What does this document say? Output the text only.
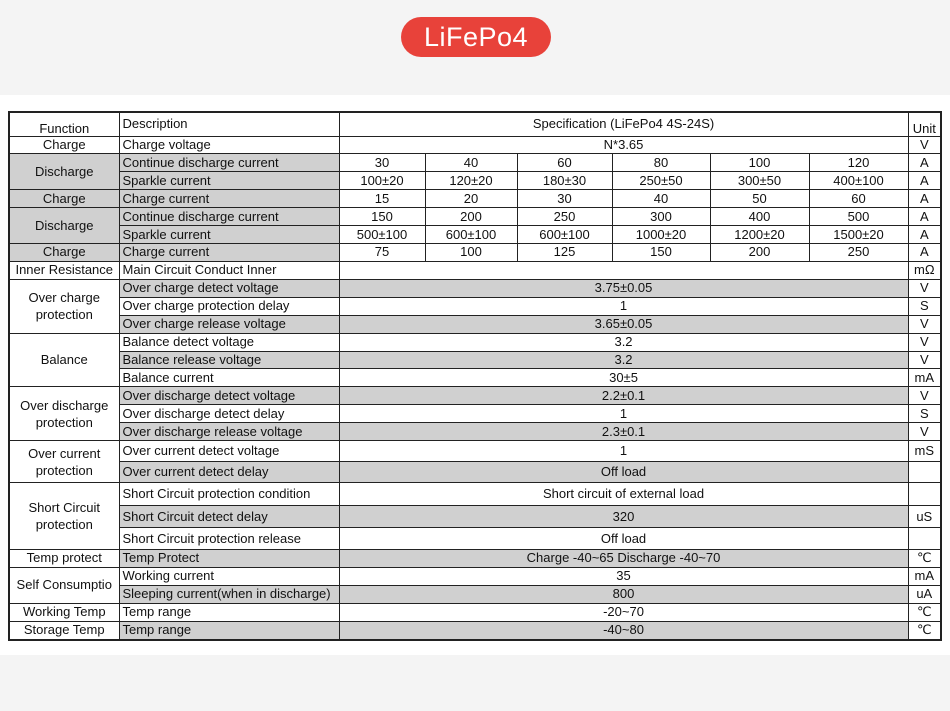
LiFePo4
Function	Description	Specification (LiFePo4 4S-24S)						Unit
Charge	Charge voltage	N*3.65						V
Discharge	Continue discharge current	30	40	60	80	100	120	A
	Sparkle current	100±20	120±20	180±30	250±50	300±50	400±100	A
Charge	Charge current	15	20	30	40	50	60	A
Discharge	Continue discharge current	150	200	250	300	400	500	A
	Sparkle current	500±100	600±100	600±100	1000±20	1200±20	1500±20	A
Charge	Charge current	75	100	125	150	200	250	A
Inner Resistance	Main Circuit Conduct Inner							mΩ
Over charge protection	Over charge detect voltage	3.75±0.05						V
	Over charge protection delay	1						S
	Over charge release voltage	3.65±0.05						V
Balance	Balance detect voltage	3.2						V
	Balance release voltage	3.2						V
	Balance current	30±5						mA
Over discharge protection	Over discharge detect voltage	2.2±0.1						V
	Over discharge detect delay	1						S
	Over discharge release voltage	2.3±0.1						V
Over current protection	Over current detect voltage	1						mS
	Over current detect delay	Off load						
Short Circuit protection	Short Circuit protection condition	Short circuit of external load						
	Short Circuit detect delay	320						uS
	Short Circuit protection release	Off load						
Temp protect	Temp Protect	Charge -40~65 Discharge -40~70						℃
Self Consumptio	Working current	35						mA
	Sleeping current(when in discharge)	800						uA
Working Temp	Temp range	-20~70						℃
Storage Temp	Temp range	-40~80						℃
